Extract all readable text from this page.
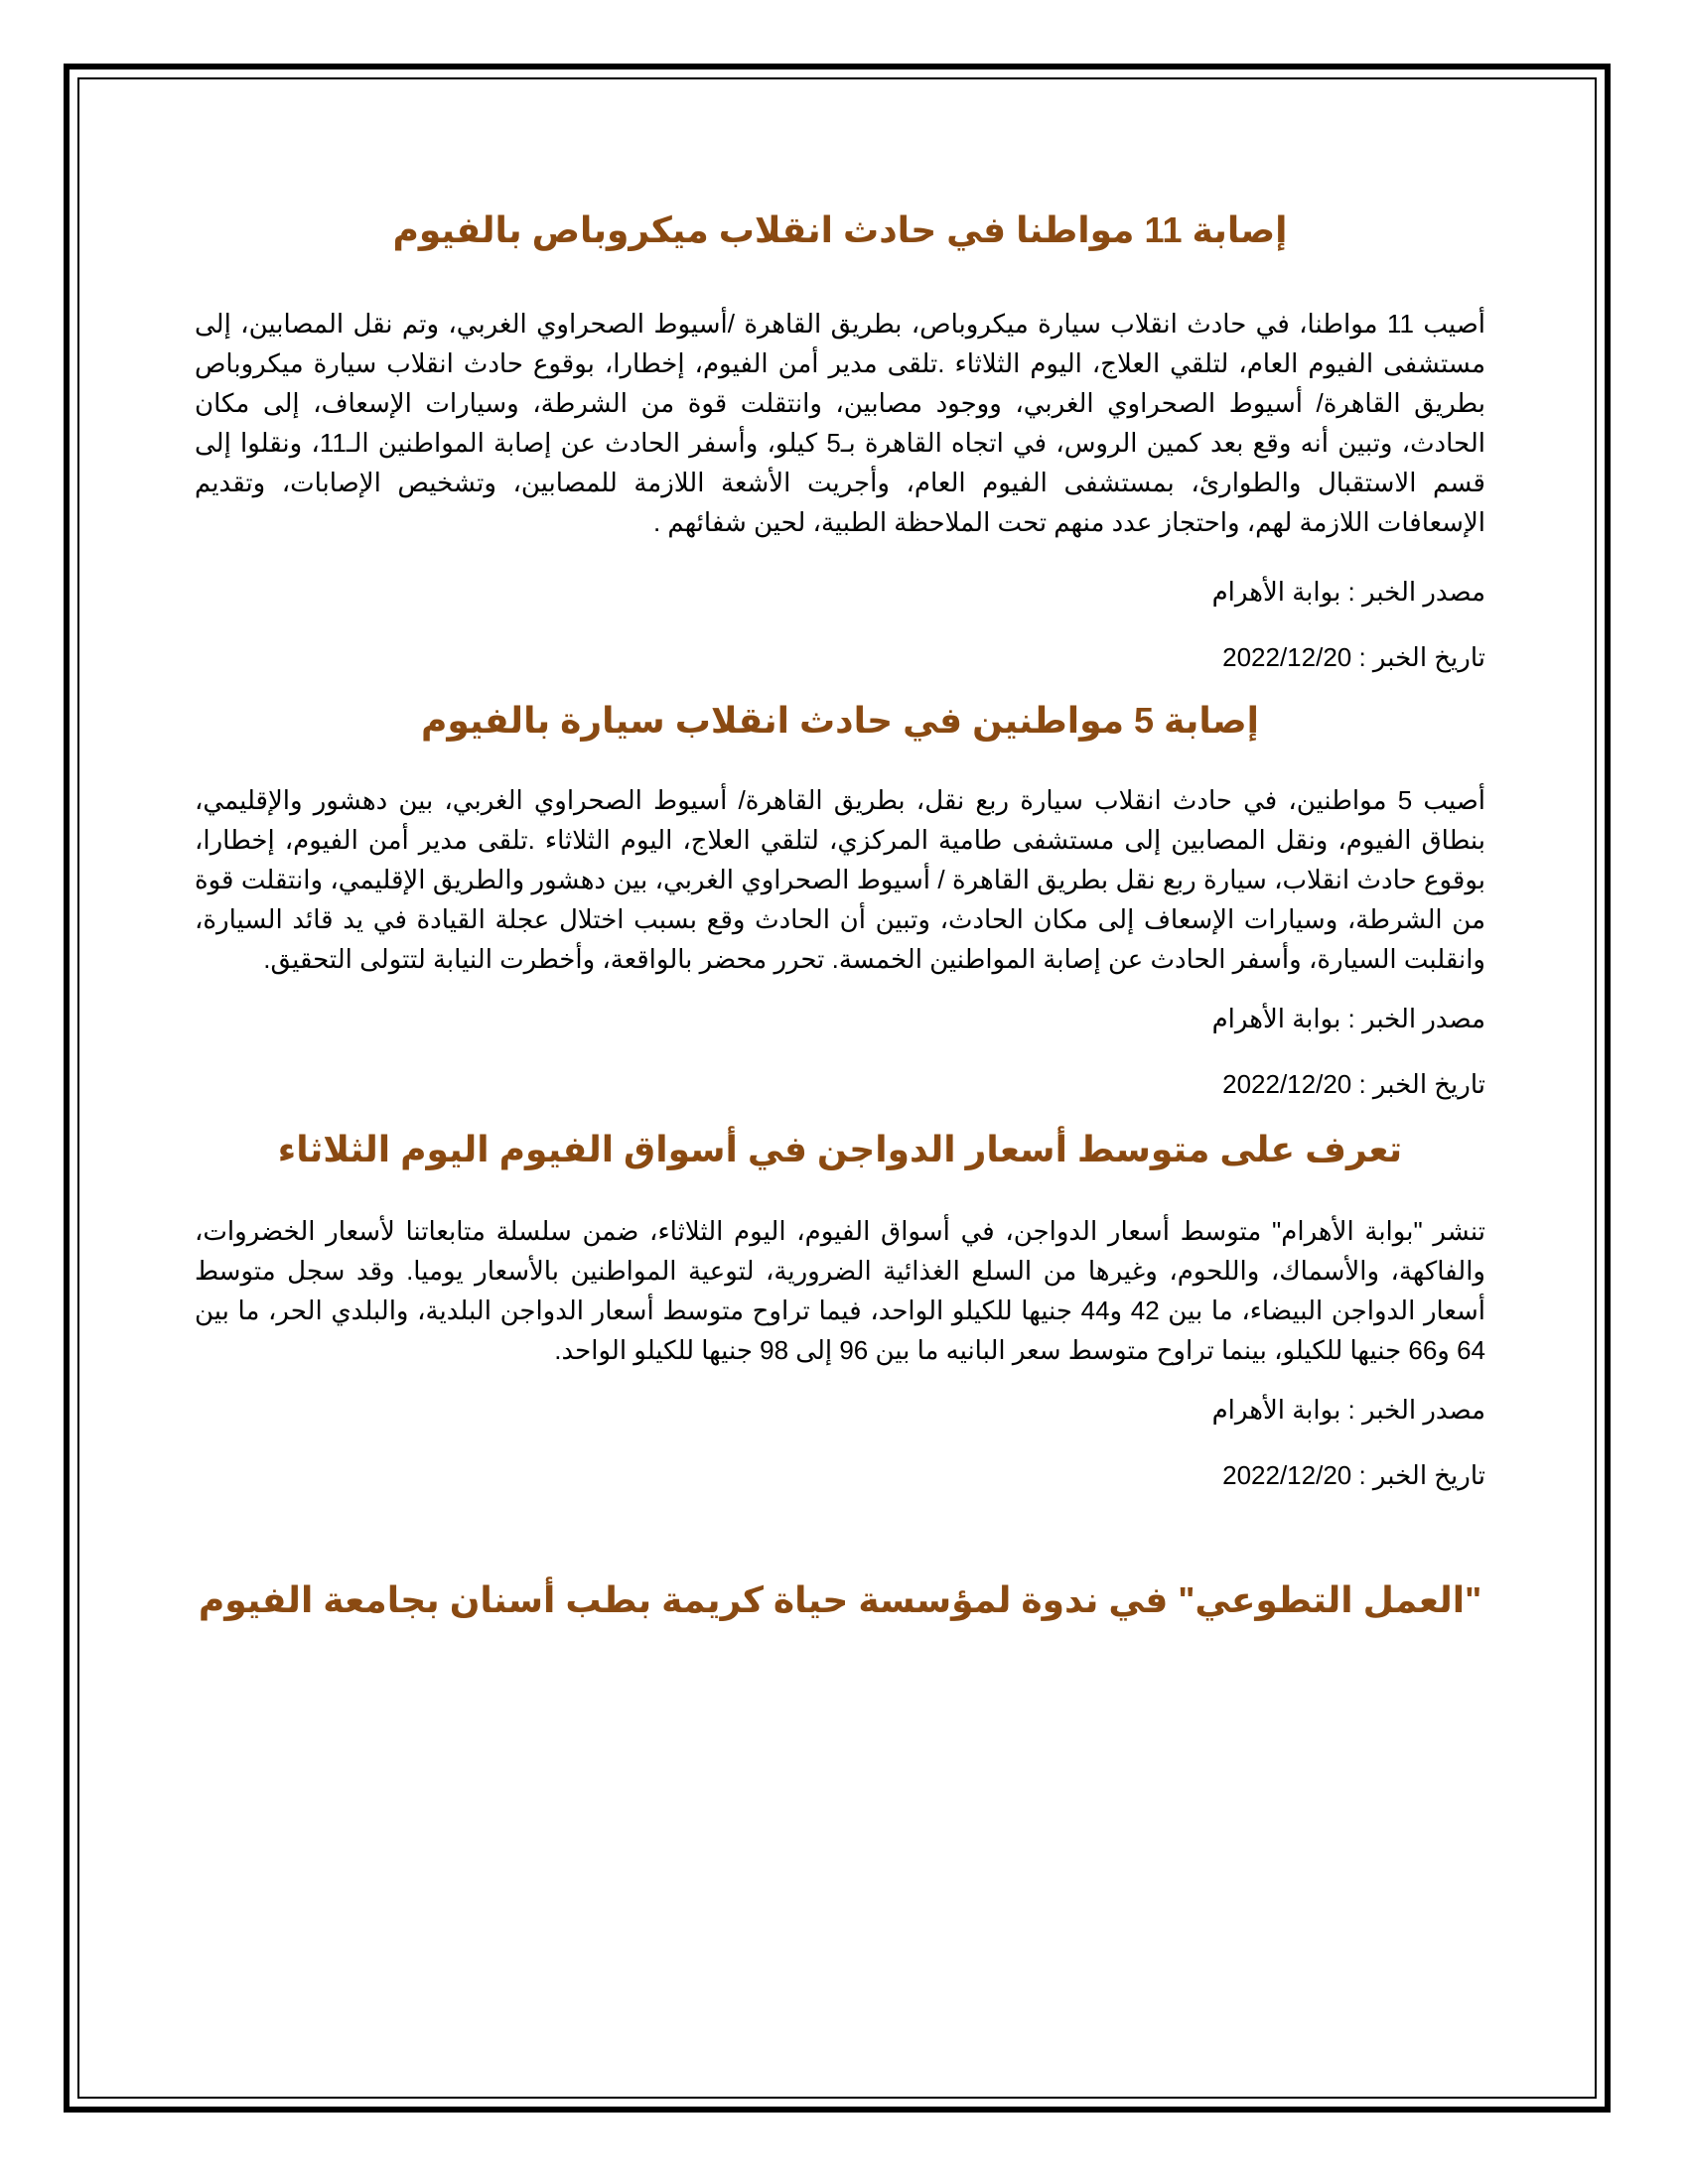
إصابة 11 مواطنا في حادث انقلاب ميكروباص بالفيوم

أصيب 11 مواطنا، في حادث انقلاب سيارة ميكروباص، بطريق القاهرة /أسيوط الصحراوي الغربي، وتم نقل المصابين، إلى مستشفى الفيوم العام، لتلقي العلاج، اليوم الثلاثاء .تلقى مدير أمن الفيوم، إخطارا، بوقوع حادث انقلاب سيارة ميكروباص بطريق القاهرة/ أسيوط الصحراوي الغربي، ووجود مصابين، وانتقلت قوة من الشرطة، وسيارات الإسعاف، إلى مكان الحادث، وتبين أنه وقع بعد كمين الروس، في اتجاه القاهرة بـ5 كيلو، وأسفر الحادث عن إصابة المواطنين الـ11، ونقلوا إلى قسم الاستقبال والطوارئ، بمستشفى الفيوم العام، وأجريت الأشعة اللازمة للمصابين، وتشخيص الإصابات، وتقديم الإسعافات اللازمة لهم، واحتجاز عدد منهم تحت الملاحظة الطبية، لحين شفائهم .

مصدر الخبر : بوابة الأهرام

تاريخ الخبر : 2022/12/20

إصابة 5 مواطنين في حادث انقلاب سيارة بالفيوم

أصيب 5 مواطنين، في حادث انقلاب سيارة ربع نقل، بطريق القاهرة/ أسيوط الصحراوي الغربي، بين دهشور والإقليمي، بنطاق الفيوم، ونقل المصابين إلى مستشفى طامية المركزي، لتلقي العلاج، اليوم الثلاثاء .تلقى مدير أمن الفيوم، إخطارا، بوقوع حادث انقلاب، سيارة ربع نقل بطريق القاهرة / أسيوط الصحراوي الغربي، بين دهشور والطريق الإقليمي، وانتقلت قوة من الشرطة، وسيارات الإسعاف إلى مكان الحادث، وتبين أن الحادث وقع بسبب اختلال عجلة القيادة في يد قائد السيارة، وانقلبت السيارة، وأسفر الحادث عن إصابة المواطنين الخمسة. تحرر محضر بالواقعة، وأخطرت النيابة لتتولى التحقيق.

مصدر الخبر : بوابة الأهرام

تاريخ الخبر : 2022/12/20

تعرف على متوسط أسعار الدواجن في أسواق الفيوم اليوم الثلاثاء

تنشر "بوابة الأهرام" متوسط أسعار الدواجن، في أسواق الفيوم، اليوم الثلاثاء، ضمن سلسلة متابعاتنا لأسعار الخضروات، والفاكهة، والأسماك، واللحوم، وغيرها من السلع الغذائية الضرورية، لتوعية المواطنين بالأسعار يوميا. وقد سجل متوسط أسعار الدواجن البيضاء، ما بين 42 و44 جنيها للكيلو الواحد، فيما تراوح متوسط أسعار الدواجن البلدية، والبلدي الحر، ما بين 64 و66 جنيها للكيلو، بينما تراوح متوسط سعر البانيه ما بين 96 إلى 98 جنيها للكيلو الواحد.

مصدر الخبر : بوابة الأهرام

تاريخ الخبر : 2022/12/20

"العمل التطوعي" في ندوة لمؤسسة حياة كريمة بطب أسنان بجامعة الفيوم
